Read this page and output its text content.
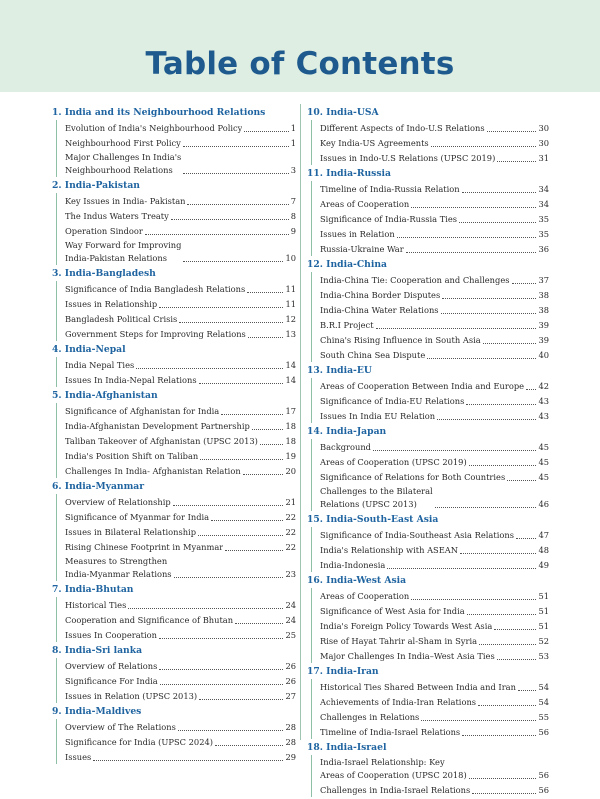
Table of Contents
1. India and its Neighbourhood Relations
Evolution of India's Neighbourhood Policy	1
Neighbourhood First Policy	1
Major Challenges In India's
Neighbourhood Relations	3
2. India-Pakistan
Key Issues in India- Pakistan	7
The Indus Waters Treaty	8
Operation Sindoor	9
Way Forward for Improving
India-Pakistan Relations	10
3. India-Bangladesh
Significance of India Bangladesh Relations	11
Issues in Relationship	11
Bangladesh Political Crisis	12
Government Steps for Improving Relations	13
4. India-Nepal
India Nepal Ties	14
Issues In India-Nepal Relations	14
5. India-Afghanistan
Significance of Afghanistan for India	17
India-Afghanistan Development Partnership	18
Taliban Takeover of Afghanistan (UPSC 2013)	18
India's Position Shift on Taliban	19
Challenges In India- Afghanistan Relation	20
6. India-Myanmar
Overview of Relationship	21
Significance of Myanmar for India	22
Issues in Bilateral Relationship	22
Rising Chinese Footprint in Myanmar	22
Measures to Strengthen
India-Myanmar Relations	23
7. India-Bhutan
Historical Ties	24
Cooperation and Significance of Bhutan	24
Issues In Cooperation	25
8. India-Sri lanka
Overview of Relations	26
Significance For India	26
Issues in Relation (UPSC 2013)	27
9. India-Maldives
Overview of The Relations	28
Significance for India (UPSC 2024)	28
Issues	29
10. India-USA
Different Aspects of Indo-U.S Relations	30
Key India-US Agreements	30
Issues in Indo-U.S Relations (UPSC 2019)	31
11. India-Russia
Timeline of India-Russia Relation	34
Areas of Cooperation	34
Significance of India-Russia Ties	35
Issues in Relation	35
Russia-Ukraine War	36
12. India-China
India-China Tie: Cooperation and Challenges	37
India-China Border Disputes	38
India-China Water Relations	38
B.R.I Project	39
China's Rising Influence in South Asia	39
South China Sea Dispute	40
13. India-EU
Areas of Cooperation Between India and Europe 42
Significance of India-EU Relations	43
Issues In India EU Relation	43
14. India-Japan
Background	45
Areas of Cooperation (UPSC 2019)	45
Significance of Relations for Both Countries	45
Challenges to the Bilateral
Relations (UPSC 2013)	46
15. India-South-East Asia
Significance of India-Southeast Asia Relations	47
India's Relationship with ASEAN	48
India-Indonesia	49
16. India-West Asia
Areas of Cooperation	51
Significance of West Asia for India	51
India's Foreign Policy Towards West Asia	51
Rise of Hayat Tahrir al-Sham in Syria	52
Major Challenges In India–West Asia Ties	53
17. India-Iran
Historical Ties Shared Between India and Iran	54
Achievements of India-Iran Relations	54
Challenges in Relations	55
Timeline of India-Israel Relations	56
18. India-Israel
India-Israel Relationship: Key
Areas of Cooperation (UPSC 2018)	56
Challenges in India-Israel Relations	56
